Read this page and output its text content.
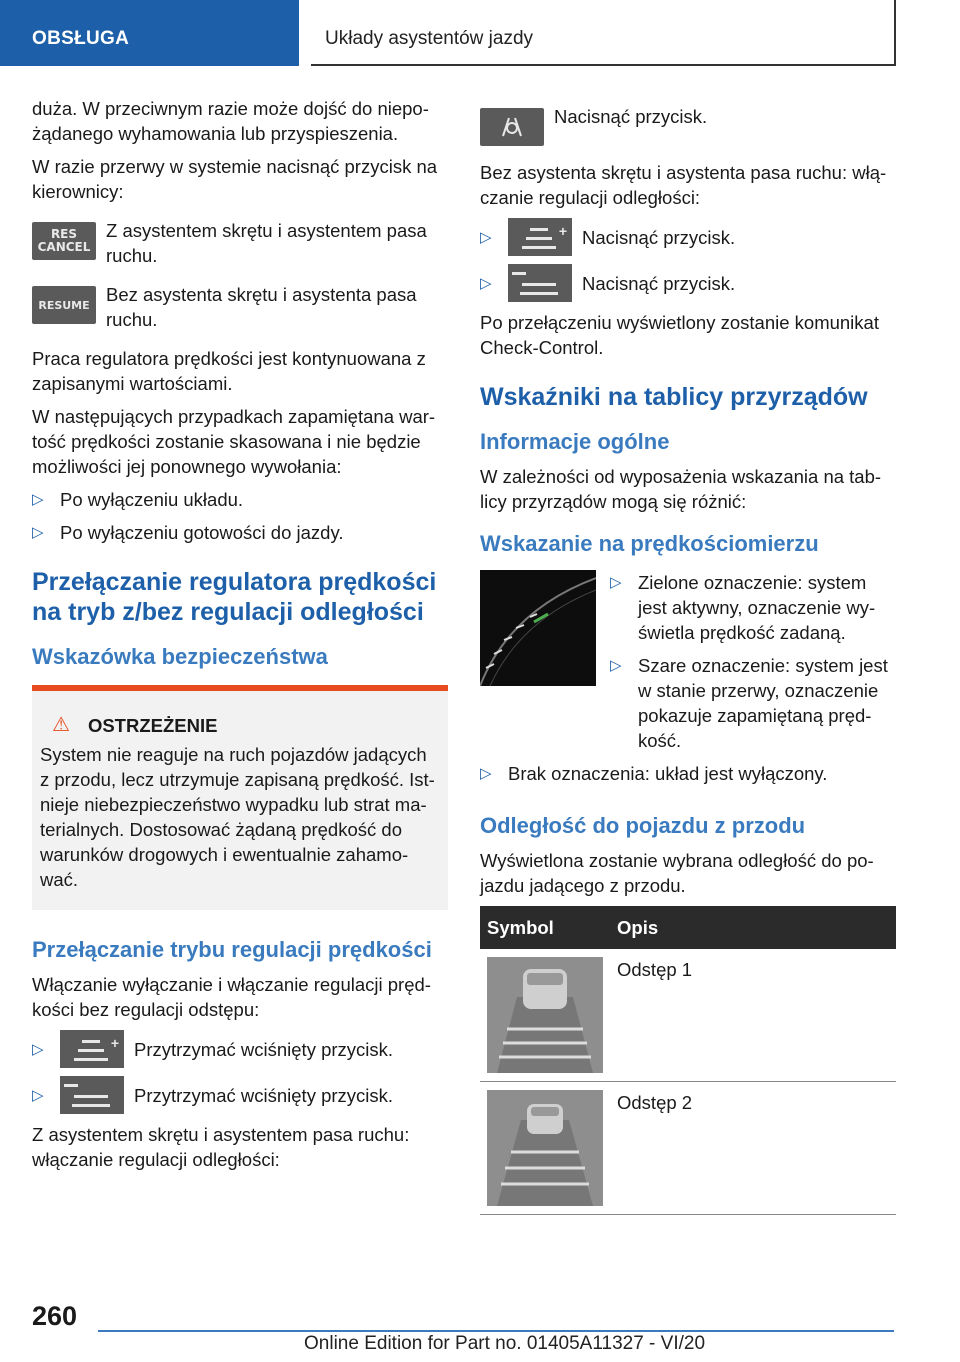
OBSŁUGA	Układy asystentów jazdy

duża. W przeciwnym razie może dojść do niepo-żądanego wyhamowania lub przyspieszenia.

W razie przerwy w systemie nacisnąć przycisk na kierownicy:

RES
CANCEL
Z asystentem skrętu i asystentem pasa ruchu.
RESUME Bez asystenta skrętu i asystenta pasa ruchu.

Praca regulatora prędkości jest kontynuowana z zapisanymi wartościami.

W następujących przypadkach zapamiętana war-tość prędkości zostanie skasowana i nie będzie możliwości jej ponownego wywołania:

▷ Po wyłączeniu układu.
▷ Po wyłączeniu gotowości do jazdy.
Przełączanie regulatora prędkości na tryb z/bez regulacji odległości
Wskazówka bezpieczeństwa
⚠ OSTRZEŻENIE
System nie reaguje na ruch pojazdów jadących z przodu, lecz utrzymuje zapisaną prędkość. Ist-nieje niebezpieczeństwo wypadku lub strat ma-terialnych. Dostosować żądaną prędkość do warunków drogowych i ewentualnie zahamo-wać.
Przełączanie trybu regulacji prędkości

Włączanie wyłączanie i włączanie regulacji pręd-kości bez regulacji odstępu:

▷	+ Przytrzymać wciśnięty przycisk.
▷	Przytrzymać wciśnięty przycisk.

Z asystentem skrętu i asystentem pasa ruchu: włączanie regulacji odległości:

Nacisnąć przycisk.

Bez asystenta skrętu i asystenta pasa ruchu: włą-czanie regulacji odległości:

▷	+ Nacisnąć przycisk.
▷	Nacisnąć przycisk.

Po przełączeniu wyświetlony zostanie komunikat Check-Control.

Wskaźniki na tablicy przyrządów
Informacje ogólne

W zależności od wyposażenia wskazania na tab-licy przyrządów mogą się różnić:

Wskazanie na prędkościomierzu
▷ Zielone oznaczenie: system jest aktywny, oznaczenie wy-świetla prędkość zadaną.
▷ Szare oznaczenie: system jest w stanie przerwy, oznaczenie pokazuje zapamiętaną pręd-kość.
▷ Brak oznaczenia: układ jest wyłączony.
Odległość do pojazdu z przodu

Wyświetlona zostanie wybrana odległość do po-jazdu jadącego z przodu.

Symbol	Opis

	Odstęp 1

	Odstęp 2
260
Online Edition for Part no. 01405A11327 - VI/20
